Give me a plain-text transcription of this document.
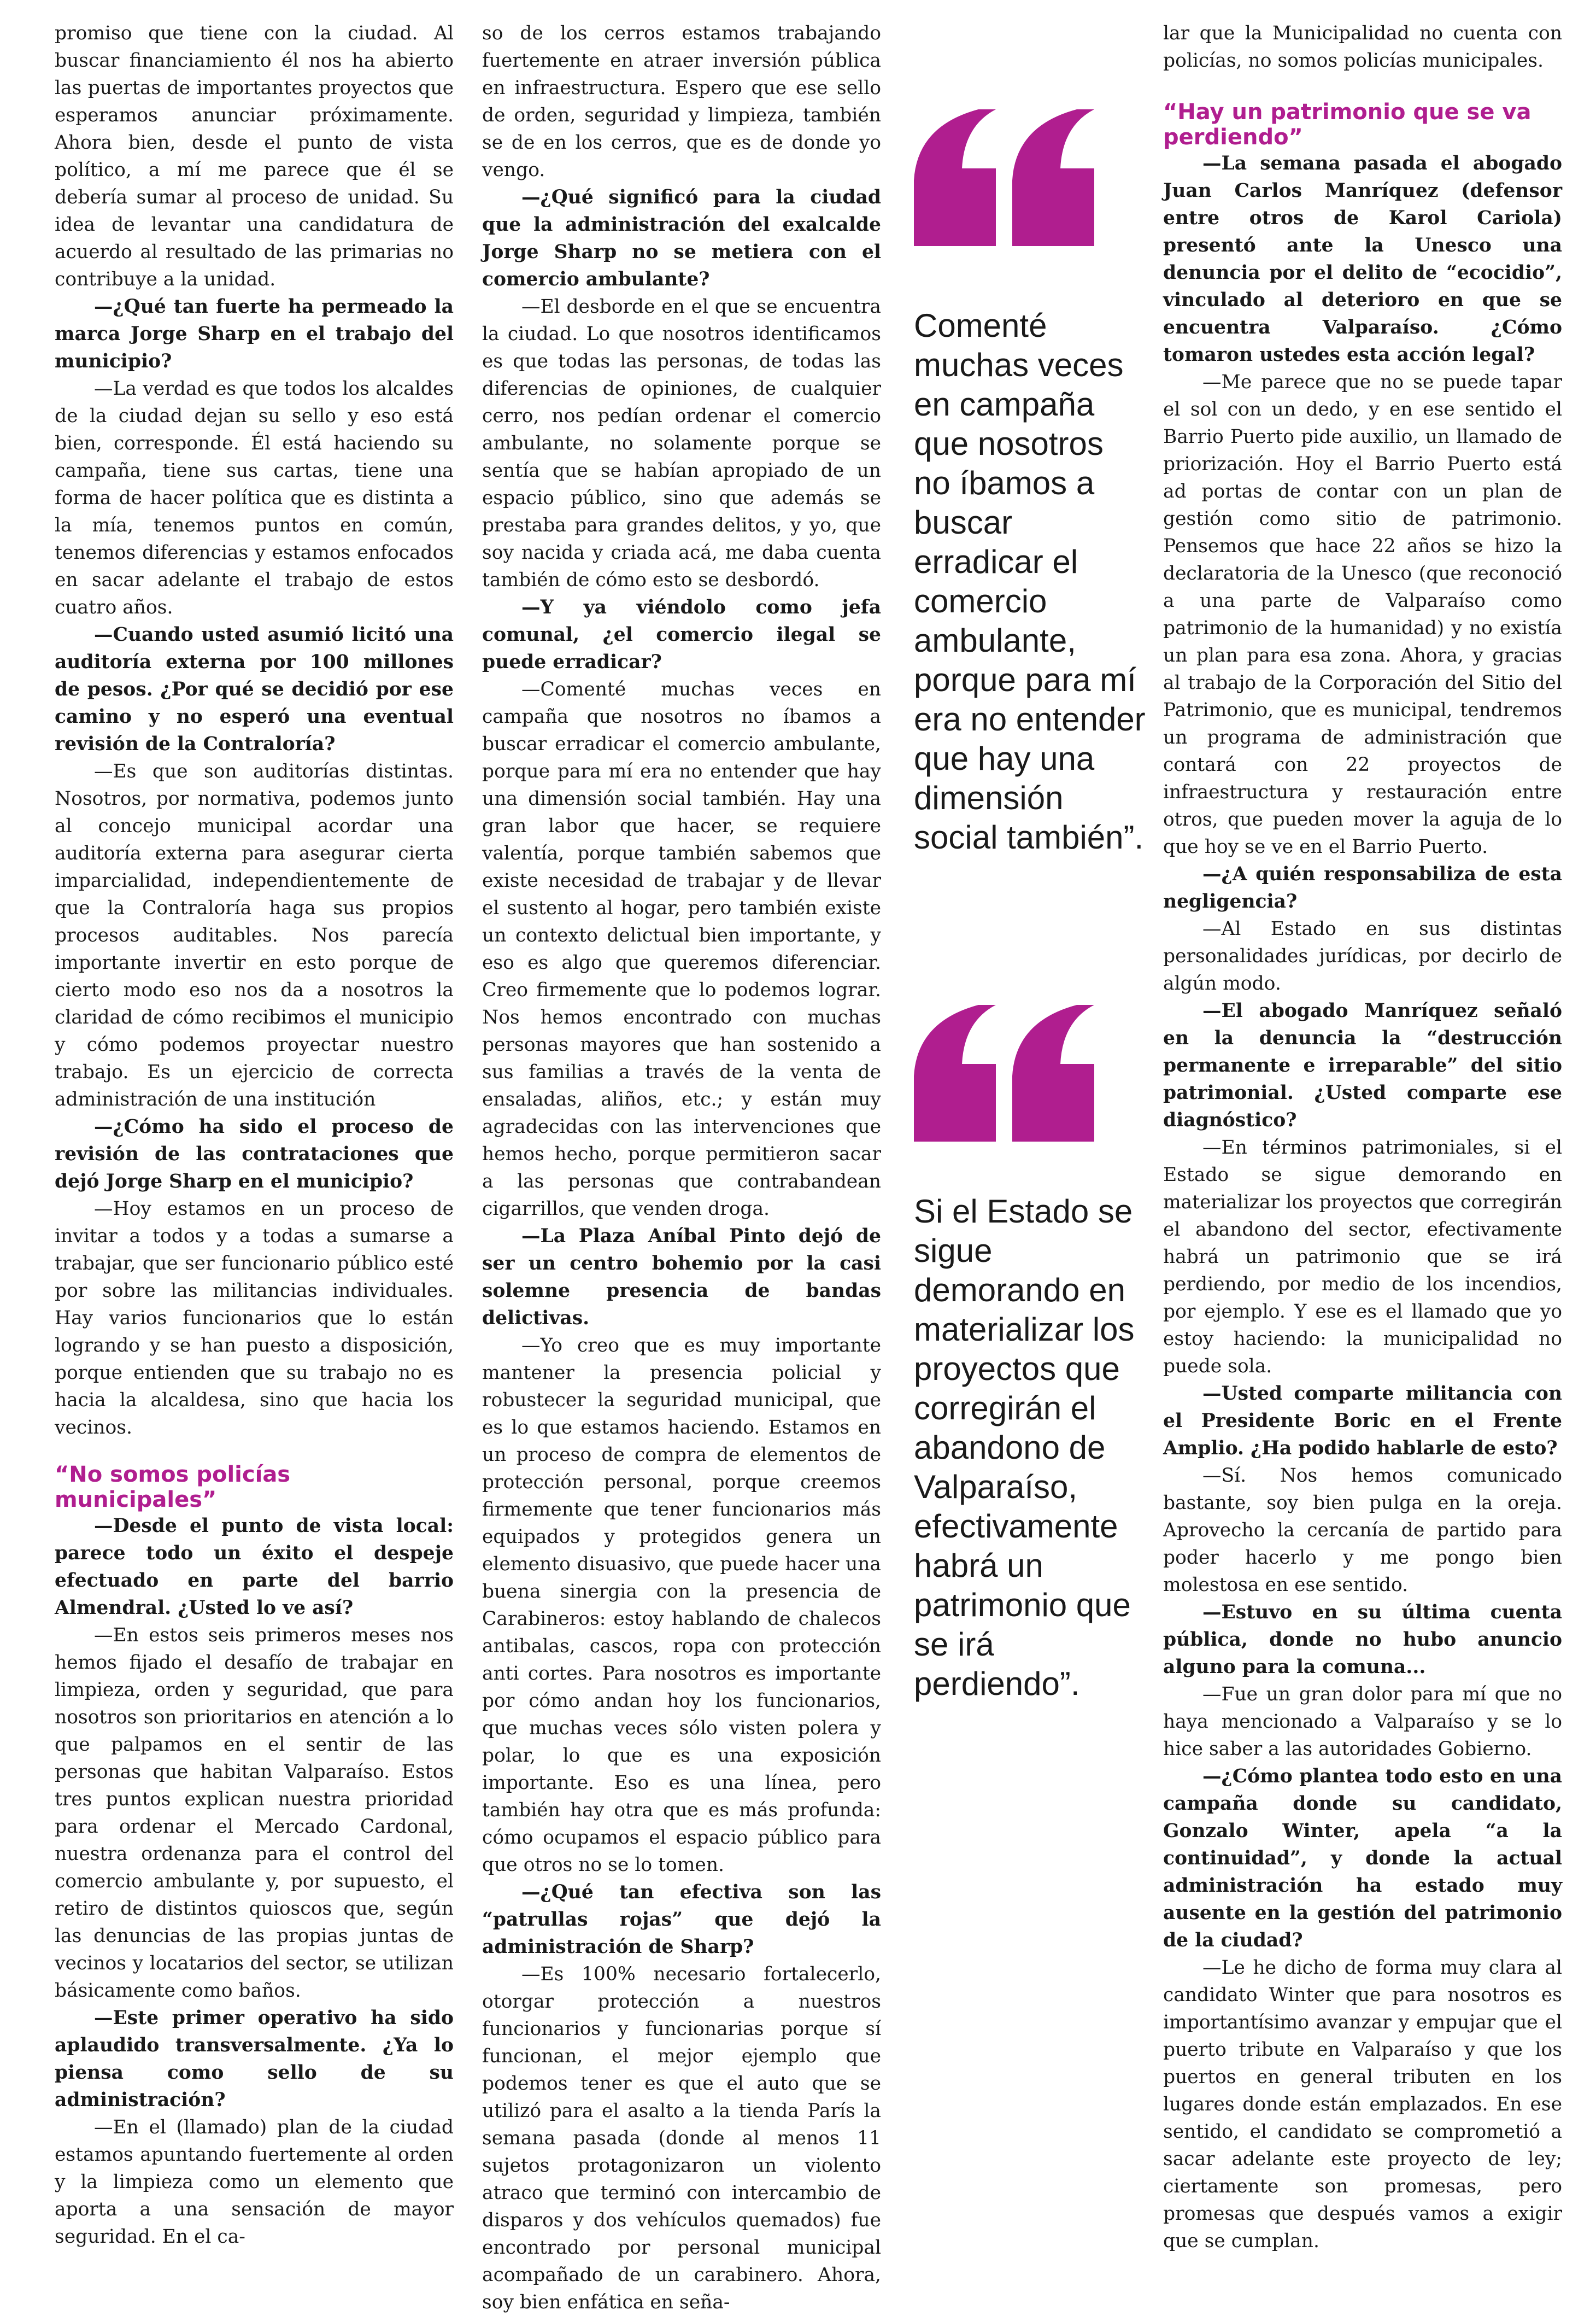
promiso que tiene con la ciudad. Al buscar financiamiento él nos ha abierto las puertas de importantes proyectos que esperamos anunciar próximamente. Ahora bien, desde el punto de vista político, a mí me parece que él se debería sumar al proceso de unidad. Su idea de levantar una candidatura de acuerdo al resultado de las primarias no contribuye a la unidad.

—¿Qué tan fuerte ha permeado la marca Jorge Sharp en el trabajo del municipio?

—La verdad es que todos los alcaldes de la ciudad dejan su sello y eso está bien, corresponde. Él está haciendo su campaña, tiene sus cartas, tiene una forma de hacer política que es distinta a la mía, tenemos puntos en común, tenemos diferencias y estamos enfocados en sacar adelante el trabajo de estos cuatro años.

—Cuando usted asumió licitó una auditoría externa por 100 millones de pesos. ¿Por qué se decidió por ese camino y no esperó una eventual revisión de la Contraloría?

—Es que son auditorías distintas. Nosotros, por normativa, podemos junto al concejo municipal acordar una auditoría externa para asegurar cierta imparcialidad, independientemente de que la Contraloría haga sus propios procesos auditables. Nos parecía importante invertir en esto porque de cierto modo eso nos da a nosotros la claridad de cómo recibimos el municipio y cómo podemos proyectar nuestro trabajo. Es un ejercicio de correcta administración de una institución

—¿Cómo ha sido el proceso de revisión de las contrataciones que dejó Jorge Sharp en el municipio?

—Hoy estamos en un proceso de invitar a todos y a todas a sumarse a trabajar, que ser funcionario público esté por sobre las militancias individuales. Hay varios funcionarios que lo están logrando y se han puesto a disposición, porque entienden que su trabajo no es hacia la alcaldesa, sino que hacia los vecinos.

“No somos policías municipales”

—Desde el punto de vista local: parece todo un éxito el despeje efectuado en parte del barrio Almendral. ¿Usted lo ve así?

—En estos seis primeros meses nos hemos fijado el desafío de trabajar en limpieza, orden y seguridad, que para nosotros son prioritarios en atención a lo que palpamos en el sentir de las personas que habitan Valparaíso. Estos tres puntos explican nuestra prioridad para ordenar el Mercado Cardonal, nuestra ordenanza para el control del comercio ambulante y, por supuesto, el retiro de distintos quioscos que, según las denuncias de las propias juntas de vecinos y locatarios del sector, se utilizan básicamente como baños.

—Este primer operativo ha sido aplaudido transversalmente. ¿Ya lo piensa como sello de su administración?

—En el (llamado) plan de la ciudad estamos apuntando fuertemente al orden y la limpieza como un elemento que aporta a una sensación de mayor seguridad. En el ca-

so de los cerros estamos trabajando fuertemente en atraer inversión pública en infraestructura. Espero que ese sello de orden, seguridad y limpieza, también se de en los cerros, que es de donde yo vengo.

—¿Qué significó para la ciudad que la administración del exalcalde Jorge Sharp no se metiera con el comercio ambulante?

—El desborde en el que se encuentra la ciudad. Lo que nosotros identificamos es que todas las personas, de todas las diferencias de opiniones, de cualquier cerro, nos pedían ordenar el comercio ambulante, no solamente porque se sentía que se habían apropiado de un espacio público, sino que además se prestaba para grandes delitos, y yo, que soy nacida y criada acá, me daba cuenta también de cómo esto se desbordó.

—Y ya viéndolo como jefa comunal, ¿el comercio ilegal se puede erradicar?

—Comenté muchas veces en campaña que nosotros no íbamos a buscar erradicar el comercio ambulante, porque para mí era no entender que hay una dimensión social también. Hay una gran labor que hacer, se requiere valentía, porque también sabemos que existe necesidad de trabajar y de llevar el sustento al hogar, pero también existe un contexto delictual bien importante, y eso es algo que queremos diferenciar. Creo firmemente que lo podemos lograr. Nos hemos encontrado con muchas personas mayores que han sostenido a sus familias a través de la venta de ensaladas, aliños, etc.; y están muy agradecidas con las intervenciones que hemos hecho, porque permitieron sacar a las personas que contrabandean cigarrillos, que venden droga.

—La Plaza Aníbal Pinto dejó de ser un centro bohemio por la casi solemne presencia de bandas delictivas.

—Yo creo que es muy importante mantener la presencia policial y robustecer la seguridad municipal, que es lo que estamos haciendo. Estamos en un proceso de compra de elementos de protección personal, porque creemos firmemente que tener funcionarios más equipados y protegidos genera un elemento disuasivo, que puede hacer una buena sinergia con la presencia de Carabineros: estoy hablando de chalecos antibalas, cascos, ropa con protección anti cortes. Para nosotros es importante por cómo andan hoy los funcionarios, que muchas veces sólo visten polera y polar, lo que es una exposición importante. Eso es una línea, pero también hay otra que es más profunda: cómo ocupamos el espacio público para que otros no se lo tomen.

—¿Qué tan efectiva son las “patrullas rojas” que dejó la administración de Sharp?

—Es 100% necesario fortalecerlo, otorgar protección a nuestros funcionarios y funcionarias porque sí funcionan, el mejor ejemplo que podemos tener es que el auto que se utilizó para el asalto a la tienda París la semana pasada (donde al menos 11 sujetos protagonizaron un violento atraco que terminó con intercambio de disparos y dos vehículos quemados) fue encontrado por personal municipal acompañado de un carabinero. Ahora, soy bien enfática en seña-

Comenté muchas veces en campaña que nosotros no íbamos a buscar erradicar el comercio ambulante, porque para mí era no entender que hay una dimensión social también”.

Si el Estado se sigue demorando en materializar los proyectos que corregirán el abandono de Valparaíso, efectivamente habrá un patrimonio que se irá perdiendo”.

lar que la Municipalidad no cuenta con policías, no somos policías municipales.

“Hay un patrimonio que se va perdiendo”

—La semana pasada el abogado Juan Carlos Manríquez (defensor entre otros de Karol Cariola) presentó ante la Unesco una denuncia por el delito de “ecocidio”, vinculado al deterioro en que se encuentra Valparaíso. ¿Cómo tomaron ustedes esta acción legal?

—Me parece que no se puede tapar el sol con un dedo, y en ese sentido el Barrio Puerto pide auxilio, un llamado de priorización. Hoy el Barrio Puerto está ad portas de contar con un plan de gestión como sitio de patrimonio. Pensemos que hace 22 años se hizo la declaratoria de la Unesco (que reconoció a una parte de Valparaíso como patrimonio de la humanidad) y no existía un plan para esa zona. Ahora, y gracias al trabajo de la Corporación del Sitio del Patrimonio, que es municipal, tendremos un programa de administración que contará con 22 proyectos de infraestructura y restauración entre otros, que pueden mover la aguja de lo que hoy se ve en el Barrio Puerto.

—¿A quién responsabiliza de esta negligencia?

—Al Estado en sus distintas personalidades jurídicas, por decirlo de algún modo.

—El abogado Manríquez señaló en la denuncia la “destrucción permanente e irreparable” del sitio patrimonial. ¿Usted comparte ese diagnóstico?

—En términos patrimoniales, si el Estado se sigue demorando en materializar los proyectos que corregirán el abandono del sector, efectivamente habrá un patrimonio que se irá perdiendo, por medio de los incendios, por ejemplo. Y ese es el llamado que yo estoy haciendo: la municipalidad no puede sola.

—Usted comparte militancia con el Presidente Boric en el Frente Amplio. ¿Ha podido hablarle de esto?

—Sí. Nos hemos comunicado bastante, soy bien pulga en la oreja. Aprovecho la cercanía de partido para poder hacerlo y me pongo bien molestosa en ese sentido.

—Estuvo en su última cuenta pública, donde no hubo anuncio alguno para la comuna...

—Fue un gran dolor para mí que no haya mencionado a Valparaíso y se lo hice saber a las autoridades Gobierno.

—¿Cómo plantea todo esto en una campaña donde su candidato, Gonzalo Winter, apela “a la continuidad”, y donde la actual administración ha estado muy ausente en la gestión del patrimonio de la ciudad?

—Le he dicho de forma muy clara al candidato Winter que para nosotros es importantísimo avanzar y empujar que el puerto tribute en Valparaíso y que los puertos en general tributen en los lugares donde están emplazados. En ese sentido, el candidato se comprometió a sacar adelante este proyecto de ley; ciertamente son promesas, pero promesas que después vamos a exigir que se cumplan.
